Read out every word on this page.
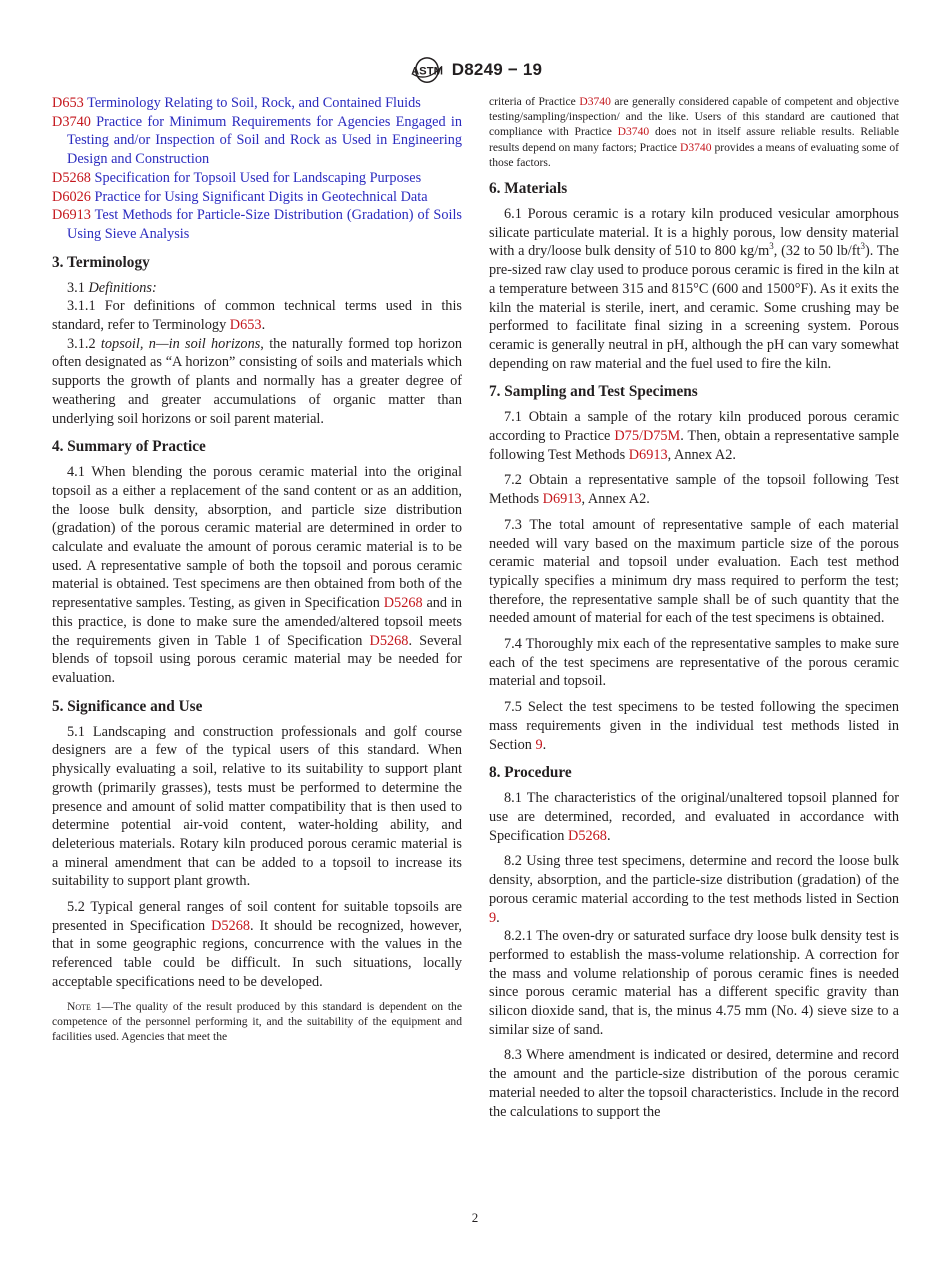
ASTM D8249 − 19
D653 Terminology Relating to Soil, Rock, and Contained Fluids
D3740 Practice for Minimum Requirements for Agencies Engaged in Testing and/or Inspection of Soil and Rock as Used in Engineering Design and Construction
D5268 Specification for Topsoil Used for Landscaping Purposes
D6026 Practice for Using Significant Digits in Geotechnical Data
D6913 Test Methods for Particle-Size Distribution (Gradation) of Soils Using Sieve Analysis
3. Terminology

3.1 Definitions:

3.1.1 For definitions of common technical terms used in this standard, refer to Terminology D653.

3.1.2 topsoil, n—in soil horizons, the naturally formed top horizon often designated as “A horizon” consisting of soils and materials which supports the growth of plants and normally has a greater degree of weathering and greater accumulations of organic matter than underlying soil horizons or soil parent material.

4. Summary of Practice

4.1 When blending the porous ceramic material into the original topsoil as a either a replacement of the sand content or as an addition, the loose bulk density, absorption, and particle size distribution (gradation) of the porous ceramic material are determined in order to calculate and evaluate the amount of porous ceramic material is to be used. A representative sample of both the topsoil and porous ceramic material is obtained. Test specimens are then obtained from both of the representative samples. Testing, as given in Specification D5268 and in this practice, is done to make sure the amended/altered topsoil meets the requirements given in Table 1 of Specification D5268. Several blends of topsoil using porous ceramic material may be needed for evaluation.

5. Significance and Use

5.1 Landscaping and construction professionals and golf course designers are a few of the typical users of this standard. When physically evaluating a soil, relative to its suitability to support plant growth (primarily grasses), tests must be performed to determine the presence and amount of solid matter compatibility that is then used to determine potential air-void content, water-holding ability, and deleterious materials. Rotary kiln produced porous ceramic material is a mineral amendment that can be added to a topsoil to increase its suitability to support plant growth.

5.2 Typical general ranges of soil content for suitable topsoils are presented in Specification D5268. It should be recognized, however, that in some geographic regions, concurrence with the values in the referenced table could be difficult. In such situations, locally acceptable specifications need to be developed.

Note 1—The quality of the result produced by this standard is dependent on the competence of the personnel performing it, and the suitability of the equipment and facilities used. Agencies that meet the

criteria of Practice D3740 are generally considered capable of competent and objective testing/sampling/inspection/ and the like. Users of this standard are cautioned that compliance with Practice D3740 does not in itself assure reliable results. Reliable results depend on many factors; Practice D3740 provides a means of evaluating some of those factors.

6. Materials

6.1 Porous ceramic is a rotary kiln produced vesicular amorphous silicate particulate material. It is a highly porous, low density material with a dry/loose bulk density of 510 to 800 $kg/m^3$, (32 to 50 $lb/ft^3$). The pre-sized raw clay used to produce porous ceramic is fired in the kiln at a temperature between 315 and 815°C (600 and 1500°F). As it exits the kiln the material is sterile, inert, and ceramic. Some crushing may be performed to facilitate final sizing in a screening system. Porous ceramic is generally neutral in pH, although the pH can vary somewhat depending on raw material and the fuel used to fire the kiln.

7. Sampling and Test Specimens

7.1 Obtain a sample of the rotary kiln produced porous ceramic according to Practice D75/D75M. Then, obtain a representative sample following Test Methods D6913, Annex A2.

7.2 Obtain a representative sample of the topsoil following Test Methods D6913, Annex A2.

7.3 The total amount of representative sample of each material needed will vary based on the maximum particle size of the porous ceramic material and topsoil under evaluation. Each test method typically specifies a minimum dry mass required to perform the test; therefore, the representative sample shall be of such quantity that the needed amount of material for each of the test specimens is obtained.

7.4 Thoroughly mix each of the representative samples to make sure each of the test specimens are representative of the porous ceramic material and topsoil.

7.5 Select the test specimens to be tested following the specimen mass requirements given in the individual test methods listed in Section 9.

8. Procedure

8.1 The characteristics of the original/unaltered topsoil planned for use are determined, recorded, and evaluated in accordance with Specification D5268.

8.2 Using three test specimens, determine and record the loose bulk density, absorption, and the particle-size distribution (gradation) of the porous ceramic material according to the test methods listed in Section 9.

8.2.1 The oven-dry or saturated surface dry loose bulk density test is performed to establish the mass-volume relationship. A correction for the mass and volume relationship of porous ceramic fines is needed since porous ceramic material has a different specific gravity than silicon dioxide sand, that is, the minus 4.75 mm (No. 4) sieve size to a similar size of sand.

8.3 Where amendment is indicated or desired, determine and record the amount and the particle-size distribution of the porous ceramic material needed to alter the topsoil characteristics. Include in the record the calculations to support the

2
